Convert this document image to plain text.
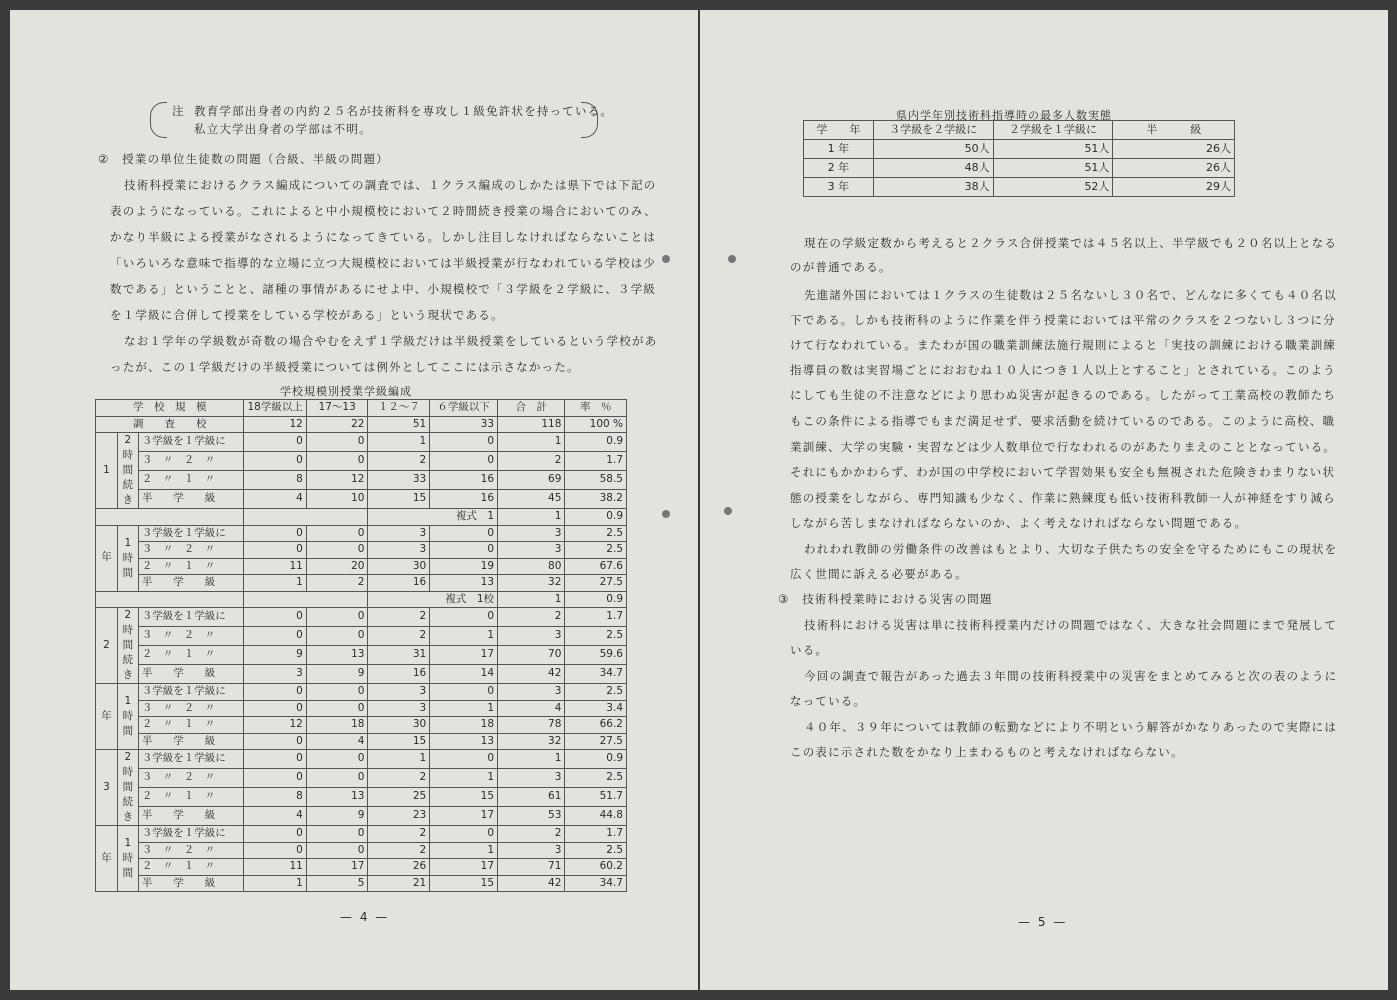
注 教育学部出身者の内約２５名が技術科を専攻し１級免許状を持っている。
私立大学出身者の学部は不明。
②　授業の単位生徒数の問題（合級、半級の問題）
技術科授業におけるクラス編成についての調査では、１クラス編成のしかたは県下では下記の
表のようになっている。これによると中小規模校において２時間続き授業の場合においてのみ、
かなり半級による授業がなされるようになってきている。しかし注目しなければならないことは
「いろいろな意味で指導的な立場に立つ大規模校においては半級授業が行なわれている学校は少
数である」ということと、諸種の事情があるにせよ中、小規模校で「３学級を２学級に、３学級
を１学級に合併して授業をしている学校がある」という現状である。
なお１学年の学級数が奇数の場合やむをえず１学級だけは半級授業をしているという学校があ
ったが、この１学級だけの半級授業については例外としてここには示さなかった。
学校規模別授業学級編成
学　校　規　模			18学級以上	17〜13	１２〜７	６学級以下	合　計	率　％
調　　査　　校			12	22	51	33	118	100 %
1	2時間続き	３学級を１学級に	0	0	1	0	1	0.9
		３　〃　２　〃	0	0	2	0	2	1.7
		２　〃　１　〃	8	12	33	16	69	58.5
		半　　学　　級	4	10	15	16	45	38.2
					複式　1		1	0.9
年	1時間	３学級を１学級に	0	0	3	0	3	2.5
		３　〃　２　〃	0	0	3	0	3	2.5
		２　〃　１　〃	11	20	30	19	80	67.6
		半　　学　　級	1	2	16	13	32	27.5
					複式　1校		1	0.9
2	2時間続き	３学級を１学級に	0	0	2	0	2	1.7
		３　〃　２　〃	0	0	2	1	3	2.5
		２　〃　１　〃	9	13	31	17	70	59.6
		半　　学　　級	3	9	16	14	42	34.7
年	1時間	３学級を１学級に	0	0	3	0	3	2.5
		３　〃　２　〃	0	0	3	1	4	3.4
		２　〃　１　〃	12	18	30	18	78	66.2
		半　　学　　級	0	4	15	13	32	27.5
3	2時間続き	３学級を１学級に	0	0	1	0	1	0.9
		３　〃　２　〃	0	0	2	1	3	2.5
		２　〃　１　〃	8	13	25	15	61	51.7
		半　　学　　級	4	9	23	17	53	44.8
年	1時間	３学級を１学級に	0	0	2	0	2	1.7
		３　〃　２　〃	0	0	2	1	3	2.5
		２　〃　１　〃	11	17	26	17	71	60.2
		半　　学　　級	1	5	21	15	42	34.7
— 4 —
県内学年別技術科指導時の最多人数実態
学　　年	３学級を２学級に	２学級を１学級に	半　　　級
1 年	50人	51人	26人
2 年	48人	51人	26人
3 年	38人	52人	29人
現在の学級定数から考えると２クラス合併授業では４５名以上、半学級でも２０名以上となる
のが普通である。
先進諸外国においては１クラスの生徒数は２５名ないし３０名で、どんなに多くても４０名以
下である。しかも技術科のように作業を伴う授業においては平常のクラスを２つないし３つに分
けて行なわれている。またわが国の職業訓練法施行規則によると「実技の訓練における職業訓練
指導員の数は実習場ごとにおおむね１０人につき１人以上とすること」とされている。このよう
にしても生徒の不注意などにより思わぬ災害が起きるのである。したがって工業高校の教師たち
もこの条件による指導でもまだ満足せず、要求活動を続けているのである。このように高校、職
業訓練、大学の実験・実習などは少人数単位で行なわれるのがあたりまえのこととなっている。
それにもかかわらず、わが国の中学校において学習効果も安全も無視された危険きわまりない状
態の授業をしながら、専門知識も少なく、作業に熟練度も低い技術科教師一人が神経をすり減ら
しながら苦しまなければならないのか、よく考えなければならない問題である。
われわれ教師の労働条件の改善はもとより、大切な子供たちの安全を守るためにもこの現状を
広く世間に訴える必要がある。
③　技術科授業時における災害の問題
技術科における災害は単に技術科授業内だけの問題ではなく、大きな社会問題にまで発展して
いる。
今回の調査で報告があった過去３年間の技術科授業中の災害をまとめてみると次の表のように
なっている。
４０年、３９年については教師の転勤などにより不明という解答がかなりあったので実際には
この表に示された数をかなり上まわるものと考えなければならない。
— 5 —
